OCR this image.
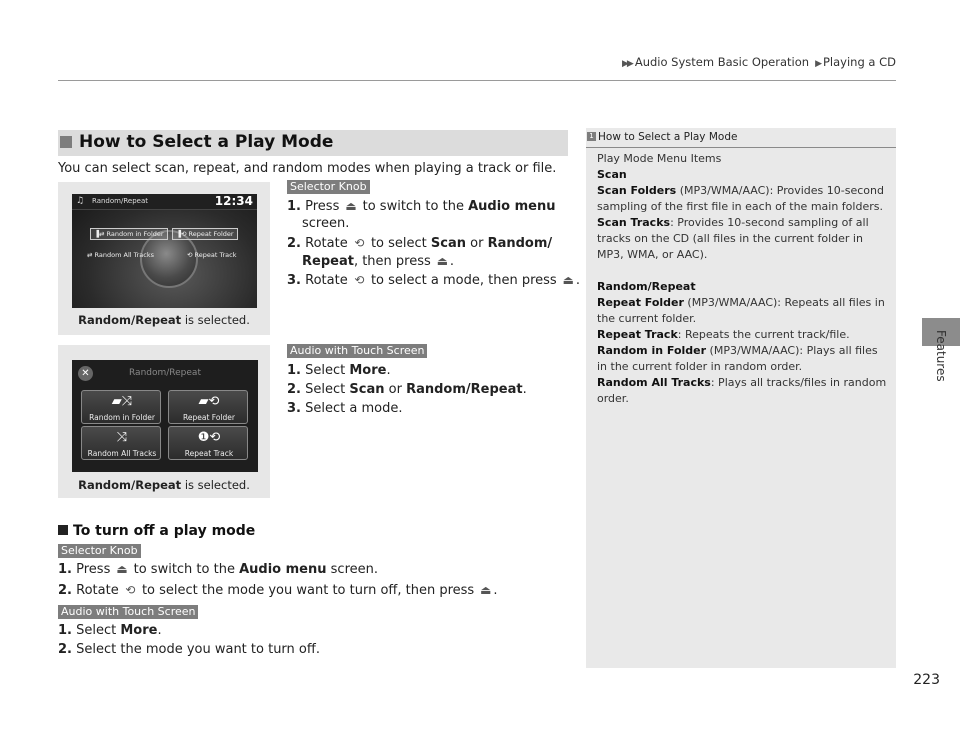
▶▶ Audio System Basic Operation ▶ Playing a CD
Features
223
How to Select a Play Mode
You can select scan, repeat, and random modes when playing a track or file.
♫ Random/Repeat	12:34
▐⇄ Random in Folder	▐⟲ Repeat Folder
⇄ Random All Tracks	⟲ Repeat Track
Random/Repeat is selected.
✕	Random/Repeat
▰⤨
Random in Folder
▰⟲
Repeat Folder
⤨
Random All Tracks
❶⟲
Repeat Track
Random/Repeat is selected.
Selector Knob
1. Press ⏏ to switch to the Audio menu
screen.
2. Rotate ⟲ to select Scan or Random/
Repeat, then press ⏏ .
3. Rotate ⟲ to select a mode, then press ⏏ .
Audio with Touch Screen
1. Select More.
2. Select Scan or Random/Repeat.
3. Select a mode.
To turn off a play mode
Selector Knob
1. Press ⏏ to switch to the Audio menu screen.
2. Rotate ⟲ to select the mode you want to turn off, then press ⏏ .
Audio with Touch Screen
1. Select More.
2. Select the mode you want to turn off.
1 How to Select a Play Mode
Play Mode Menu Items
Scan
Scan Folders (MP3/WMA/AAC): Provides 10-second sampling of the first file in each of the main folders.
Scan Tracks: Provides 10-second sampling of all tracks on the CD (all files in the current folder in MP3, WMA, or AAC).
Random/Repeat
Repeat Folder (MP3/WMA/AAC): Repeats all files in the current folder.
Repeat Track: Repeats the current track/file.
Random in Folder (MP3/WMA/AAC): Plays all files in the current folder in random order.
Random All Tracks: Plays all tracks/files in random order.
